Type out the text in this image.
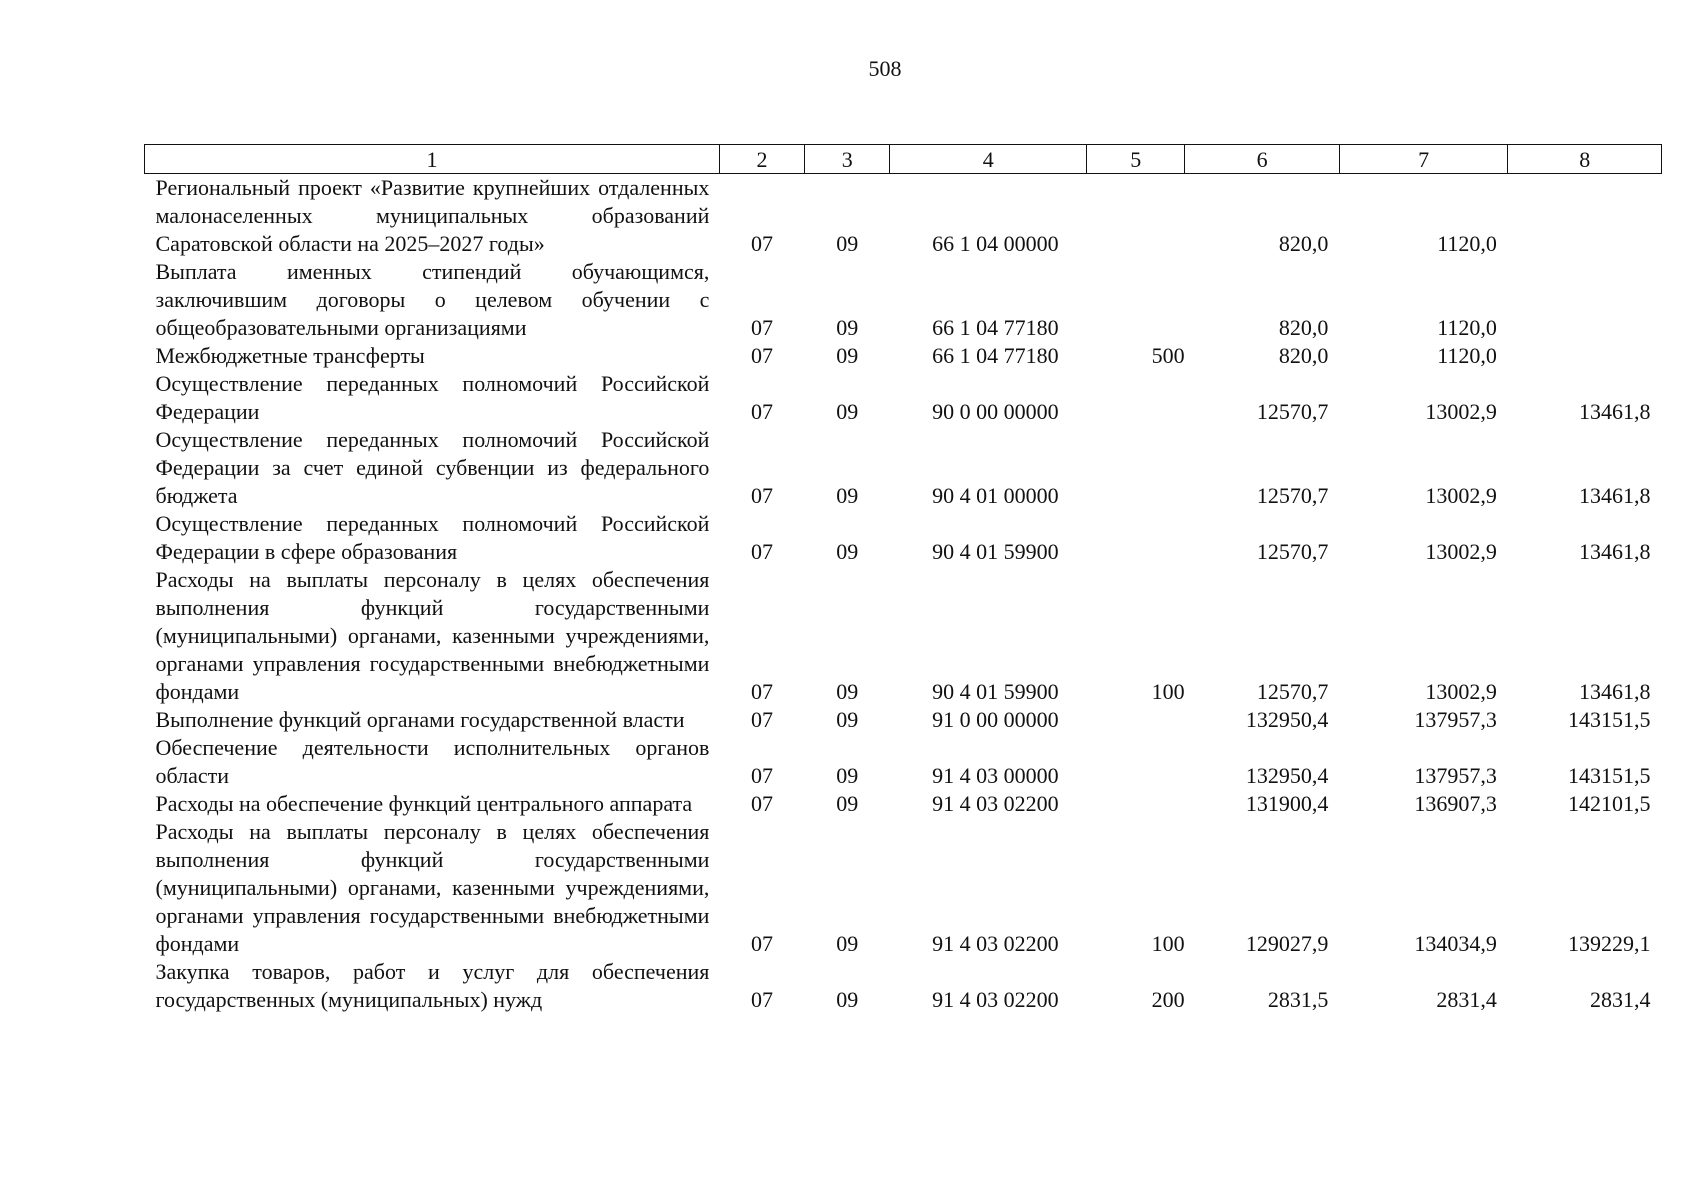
508
1	2	3	4	5	6	7	8
Региональный проект «Развитие крупнейших отдаленных малонаселенных муниципальных образований Саратовской области на 2025–2027 годы»	07	09	66 1 04 00000		820,0	1120,0	
Выплата именных стипендий обучающимся, заключившим договоры о целевом обучении с общеобразовательными организациями	07	09	66 1 04 77180		820,0	1120,0	
Межбюджетные трансферты	07	09	66 1 04 77180	500	820,0	1120,0	
Осуществление переданных полномочий Российской Федерации	07	09	90 0 00 00000		12570,7	13002,9	13461,8
Осуществление переданных полномочий Российской Федерации за счет единой субвенции из федерального бюджета	07	09	90 4 01 00000		12570,7	13002,9	13461,8
Осуществление переданных полномочий Российской Федерации в сфере образования	07	09	90 4 01 59900		12570,7	13002,9	13461,8
Расходы на выплаты персоналу в целях обеспечения выполнения функций государственными (муниципальными) органами, казенными учреждениями, органами управления государственными внебюджетными фондами	07	09	90 4 01 59900	100	12570,7	13002,9	13461,8
Выполнение функций органами государственной власти	07	09	91 0 00 00000		132950,4	137957,3	143151,5
Обеспечение деятельности исполнительных органов области	07	09	91 4 03 00000		132950,4	137957,3	143151,5
Расходы на обеспечение функций центрального аппарата	07	09	91 4 03 02200		131900,4	136907,3	142101,5
Расходы на выплаты персоналу в целях обеспечения выполнения функций государственными (муниципальными) органами, казенными учреждениями, органами управления государственными внебюджетными фондами	07	09	91 4 03 02200	100	129027,9	134034,9	139229,1
Закупка товаров, работ и услуг для обеспечения государственных (муниципальных) нужд	07	09	91 4 03 02200	200	2831,5	2831,4	2831,4
